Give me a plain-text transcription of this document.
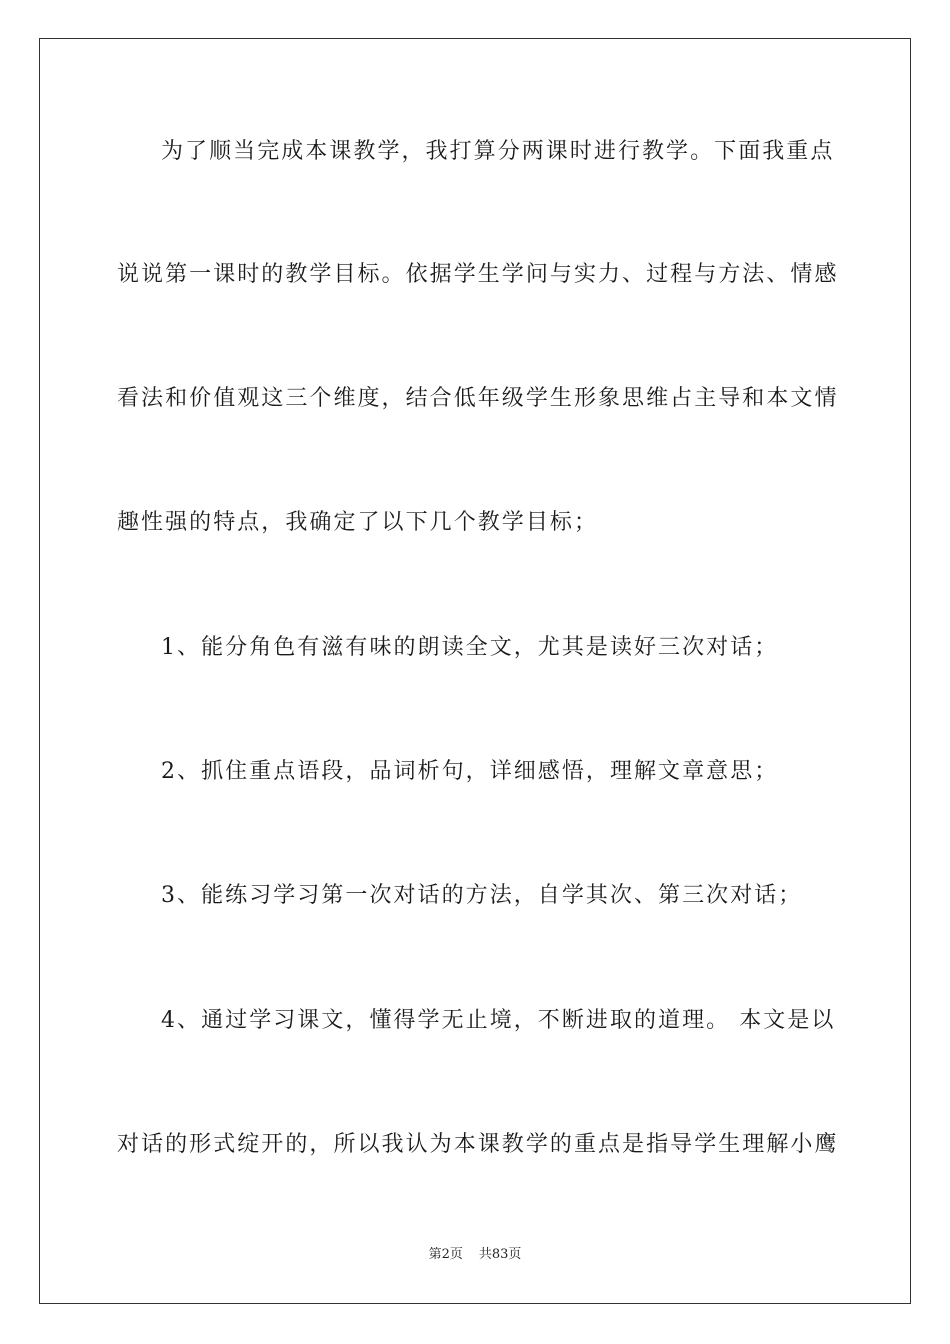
为了顺当完成本课教学，我打算分两课时进行教学。下面我重点
说说第一课时的教学目标。依据学生学问与实力、过程与方法、情感
看法和价值观这三个维度，结合低年级学生形象思维占主导和本文情
趣性强的特点，我确定了以下几个教学目标；
1、能分角色有滋有味的朗读全文，尤其是读好三次对话；
2、抓住重点语段，品词析句，详细感悟，理解文章意思；
3、能练习学习第一次对话的方法，自学其次、第三次对话；
4、通过学习课文，懂得学无止境，不断进取的道理。 本文是以
对话的形式绽开的，所以我认为本课教学的重点是指导学生理解小鹰
第2页 共83页
